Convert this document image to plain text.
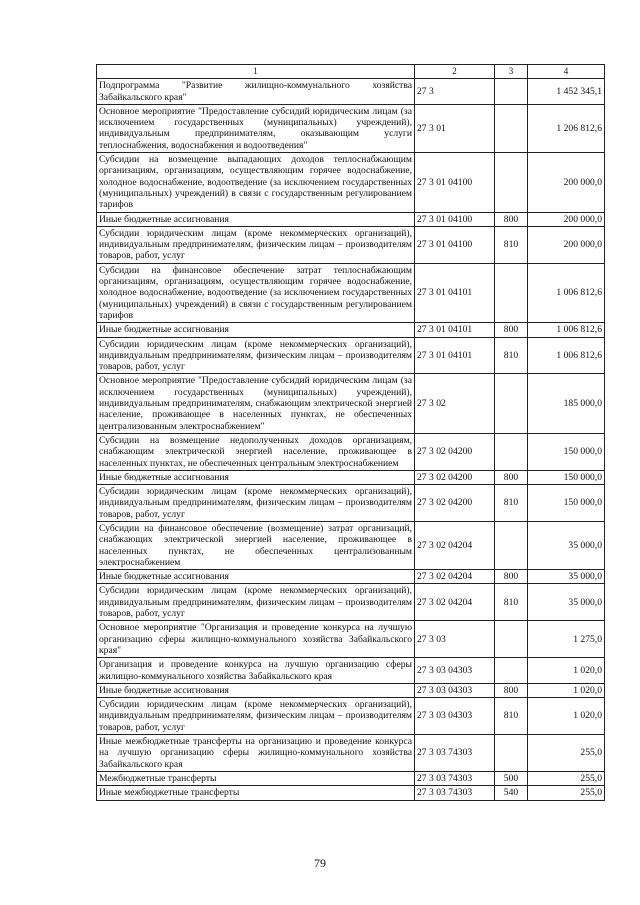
1	2	3	4
Подпрограмма "Развитие жилищно-коммунального хозяйства Забайкальского края"	27 3		1 452 345,1
Основное мероприятие "Предоставление субсидий юридическим лицам (за исключением государственных (муниципальных) учреждений), индивидуальным предпринимателям, оказывающим услуги теплоснабжения, водоснабжения и водоотведения"	27 3 01		1 206 812,6
Субсидии на возмещение выпадающих доходов теплоснабжающим организациям, организациям, осуществляющим горячее водоснабжение, холодное водоснабжение, водоотведение (за исключением государственных (муниципальных) учреждений) в связи с государственным регулированием тарифов	27 3 01 04100		200 000,0
Иные бюджетные ассигнования	27 3 01 04100	800	200 000,0
Субсидии юридическим лицам (кроме некоммерческих организаций), индивидуальным предпринимателям, физическим лицам – производителям товаров, работ, услуг	27 3 01 04100	810	200 000,0
Субсидии на финансовое обеспечение затрат теплоснабжающим организациям, организациям, осуществляющим горячее водоснабжение, холодное водоснабжение, водоотведение (за исключением государственных (муниципальных) учреждений) в связи с государственным регулированием тарифов	27 3 01 04101		1 006 812,6
Иные бюджетные ассигнования	27 3 01 04101	800	1 006 812,6
Субсидии юридическим лицам (кроме некоммерческих организаций), индивидуальным предпринимателям, физическим лицам – производителям товаров, работ, услуг	27 3 01 04101	810	1 006 812,6
Основное мероприятие "Предоставление субсидий юридическим лицам (за исключением государственных (муниципальных) учреждений), индивидуальным предпринимателям, снабжающим электрической энергией население, проживающее в населенных пунктах, не обеспеченных централизованным электроснабжением"	27 3 02		185 000,0
Субсидии на возмещение недополученных доходов организациям, снабжающим электрической энергией население, проживающее в населенных пунктах, не обеспеченных центральным электроснабжением	27 3 02 04200		150 000,0
Иные бюджетные ассигнования	27 3 02 04200	800	150 000,0
Субсидии юридическим лицам (кроме некоммерческих организаций), индивидуальным предпринимателям, физическим лицам – производителям товаров, работ, услуг	27 3 02 04200	810	150 000,0
Субсидии на финансовое обеспечение (возмещение) затрат организаций, снабжающих электрической энергией население, проживающее в населенных пунктах, не обеспеченных централизованным электроснабжением	27 3 02 04204		35 000,0
Иные бюджетные ассигнования	27 3 02 04204	800	35 000,0
Субсидии юридическим лицам (кроме некоммерческих организаций), индивидуальным предпринимателям, физическим лицам – производителям товаров, работ, услуг	27 3 02 04204	810	35 000,0
Основное мероприятие "Организация и проведение конкурса на лучшую организацию сферы жилищно-коммунального хозяйства Забайкальского края"	27 3 03		1 275,0
Организация и проведение конкурса на лучшую организацию сферы жилищно-коммунального хозяйства Забайкальского края	27 3 03 04303		1 020,0
Иные бюджетные ассигнования	27 3 03 04303	800	1 020,0
Субсидии юридическим лицам (кроме некоммерческих организаций), индивидуальным предпринимателям, физическим лицам – производителям товаров, работ, услуг	27 3 03 04303	810	1 020,0
Иные межбюджетные трансферты на организацию и проведение конкурса на лучшую организацию сферы жилищно-коммунального хозяйства Забайкальского края	27 3 03 74303		255,0
Межбюджетные трансферты	27 3 03 74303	500	255,0
Иные межбюджетные трансферты	27 3 03 74303	540	255,0
79
